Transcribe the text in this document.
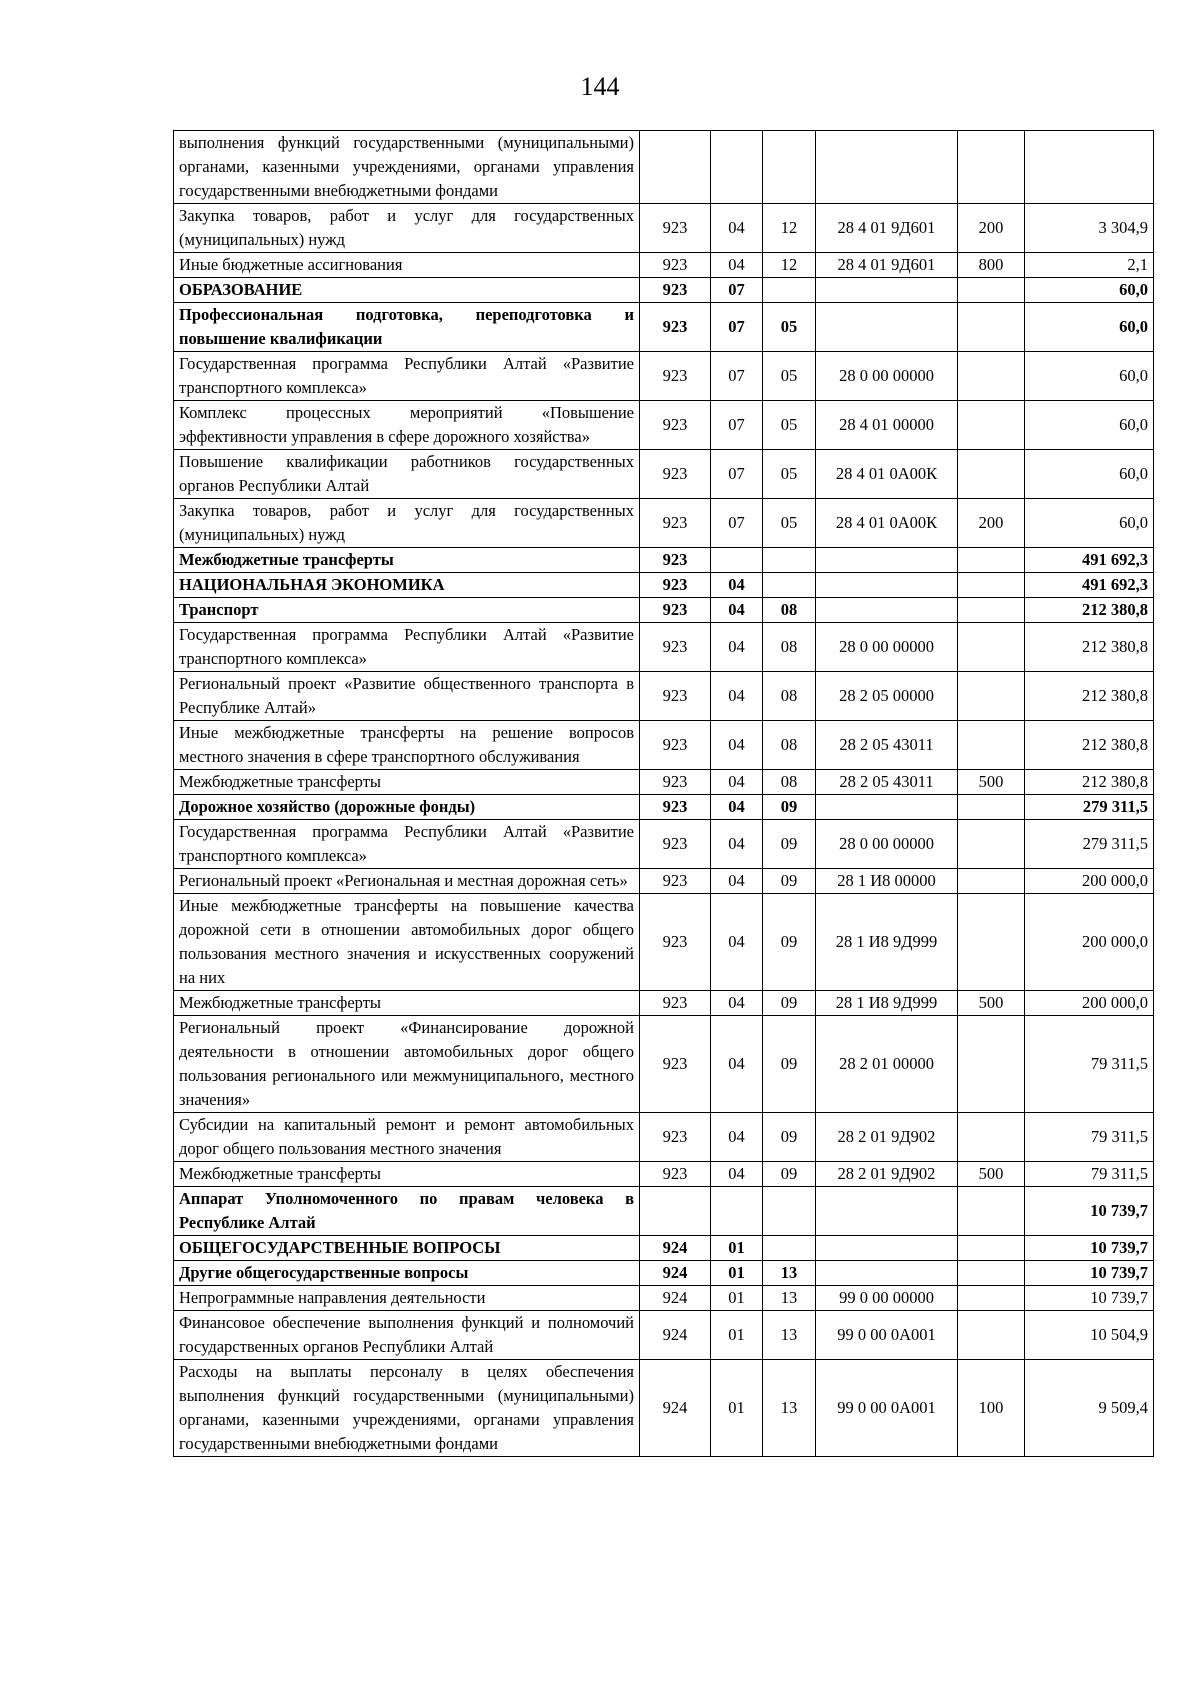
144
выполнения функций государственными (муниципальными) органами, казенными учреждениями, органами управления государственными внебюджетными фондами						
Закупка товаров, работ и услуг для государственных (муниципальных) нужд	923	04	12	28 4 01 9Д601	200	3 304,9
Иные бюджетные ассигнования	923	04	12	28 4 01 9Д601	800	2,1
ОБРАЗОВАНИЕ	923	07				60,0
Профессиональная подготовка, переподготовка и повышение квалификации	923	07	05			60,0
Государственная программа Республики Алтай «Развитие транспортного комплекса»	923	07	05	28 0 00 00000		60,0
Комплекс процессных мероприятий «Повышение эффективности управления в сфере дорожного хозяйства»	923	07	05	28 4 01 00000		60,0
Повышение квалификации работников государственных органов Республики Алтай	923	07	05	28 4 01 0А00К		60,0
Закупка товаров, работ и услуг для государственных (муниципальных) нужд	923	07	05	28 4 01 0А00К	200	60,0
Межбюджетные трансферты	923					491 692,3
НАЦИОНАЛЬНАЯ ЭКОНОМИКА	923	04				491 692,3
Транспорт	923	04	08			212 380,8
Государственная программа Республики Алтай «Развитие транспортного комплекса»	923	04	08	28 0 00 00000		212 380,8
Региональный проект «Развитие общественного транспорта в Республике Алтай»	923	04	08	28 2 05 00000		212 380,8
Иные межбюджетные трансферты на решение вопросов местного значения в сфере транспортного обслуживания	923	04	08	28 2 05 43011		212 380,8
Межбюджетные трансферты	923	04	08	28 2 05 43011	500	212 380,8
Дорожное хозяйство (дорожные фонды)	923	04	09			279 311,5
Государственная программа Республики Алтай «Развитие транспортного комплекса»	923	04	09	28 0 00 00000		279 311,5
Региональный проект «Региональная и местная дорожная сеть»	923	04	09	28 1 И8 00000		200 000,0
Иные межбюджетные трансферты на повышение качества дорожной сети в отношении автомобильных дорог общего пользования местного значения и искусственных сооружений на них	923	04	09	28 1 И8 9Д999		200 000,0
Межбюджетные трансферты	923	04	09	28 1 И8 9Д999	500	200 000,0
Региональный проект «Финансирование дорожной деятельности в отношении автомобильных дорог общего пользования регионального или межмуниципального, местного значения»	923	04	09	28 2 01 00000		79 311,5
Субсидии на капитальный ремонт и ремонт автомобильных дорог общего пользования местного значения	923	04	09	28 2 01 9Д902		79 311,5
Межбюджетные трансферты	923	04	09	28 2 01 9Д902	500	79 311,5
Аппарат Уполномоченного по правам человека в Республике Алтай						10 739,7
ОБЩЕГОСУДАРСТВЕННЫЕ ВОПРОСЫ	924	01				10 739,7
Другие общегосударственные вопросы	924	01	13			10 739,7
Непрограммные направления деятельности	924	01	13	99 0 00 00000		10 739,7
Финансовое обеспечение выполнения функций и полномочий государственных органов Республики Алтай	924	01	13	99 0 00 0А001		10 504,9
Расходы на выплаты персоналу в целях обеспечения выполнения функций государственными (муниципальными) органами, казенными учреждениями, органами управления государственными внебюджетными фондами	924	01	13	99 0 00 0А001	100	9 509,4
